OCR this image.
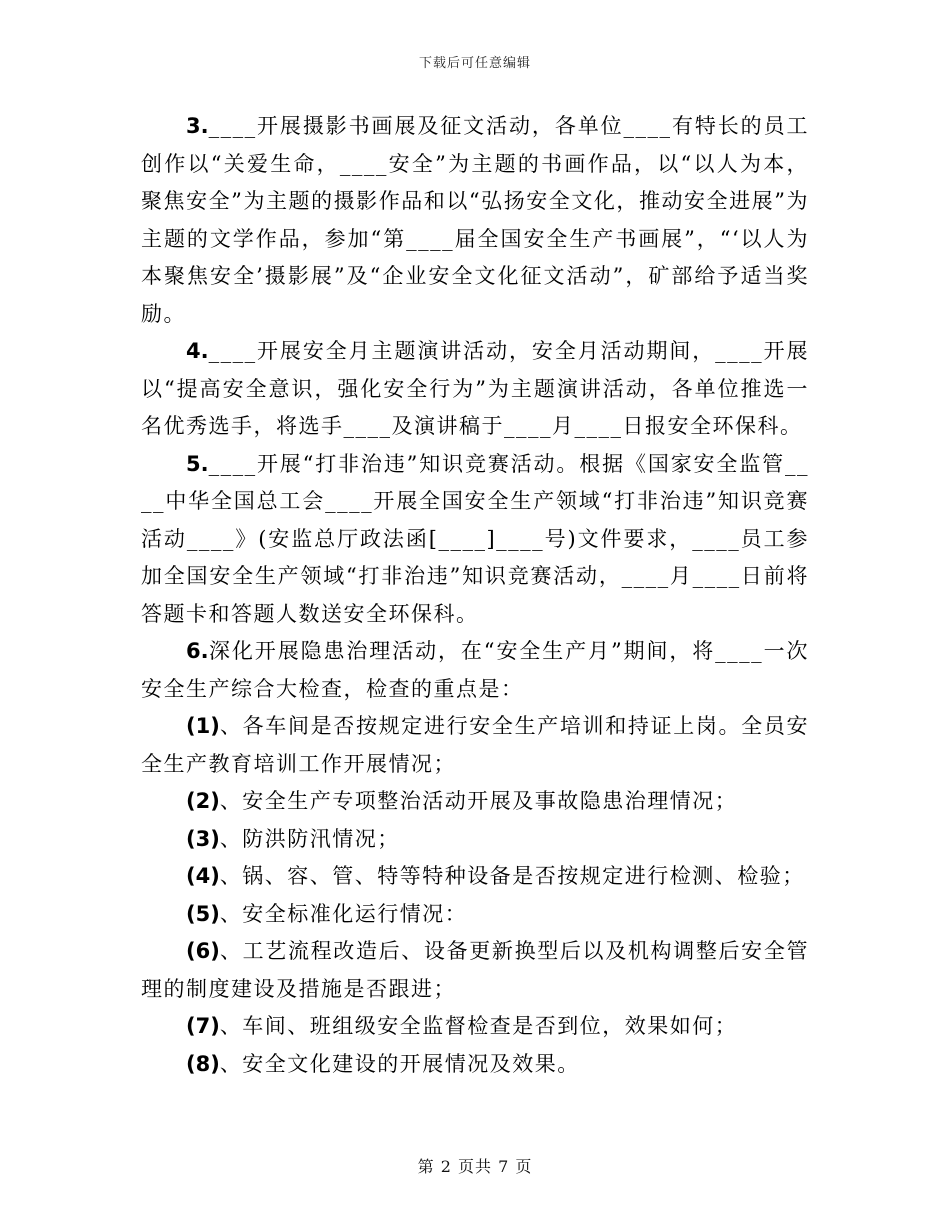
下载后可任意编辑

3.____开展摄影书画展及征文活动，各单位____有特长的员工创作以“关爱生命，____安全”为主题的书画作品，以“以人为本，聚焦安全”为主题的摄影作品和以“弘扬安全文化，推动安全进展”为主题的文学作品，参加“第____届全国安全生产书画展”，“‘以人为本聚焦安全’摄影展”及“企业安全文化征文活动”，矿部给予适当奖励。

4.____开展安全月主题演讲活动，安全月活动期间，____开展以“提高安全意识，强化安全行为”为主题演讲活动，各单位推选一名优秀选手，将选手____及演讲稿于____月____日报安全环保科。

5.____开展“打非治违”知识竞赛活动。根据《国家安全监管____中华全国总工会____开展全国安全生产领域“打非治违”知识竞赛活动____》(安监总厅政法函[____]____号)文件要求，____员工参加全国安全生产领域“打非治违”知识竞赛活动，____月____日前将答题卡和答题人数送安全环保科。

6.深化开展隐患治理活动，在“安全生产月”期间，将____一次安全生产综合大检查，检查的重点是：

(1)、各车间是否按规定进行安全生产培训和持证上岗。全员安全生产教育培训工作开展情况；

(2)、安全生产专项整治活动开展及事故隐患治理情况；

(3)、防洪防汛情况；

(4)、锅、容、管、特等特种设备是否按规定进行检测、检验；

(5)、安全标准化运行情况：

(6)、工艺流程改造后、设备更新换型后以及机构调整后安全管理的制度建设及措施是否跟进；

(7)、车间、班组级安全监督检查是否到位，效果如何；

(8)、安全文化建设的开展情况及效果。

第 2 页共 7 页
